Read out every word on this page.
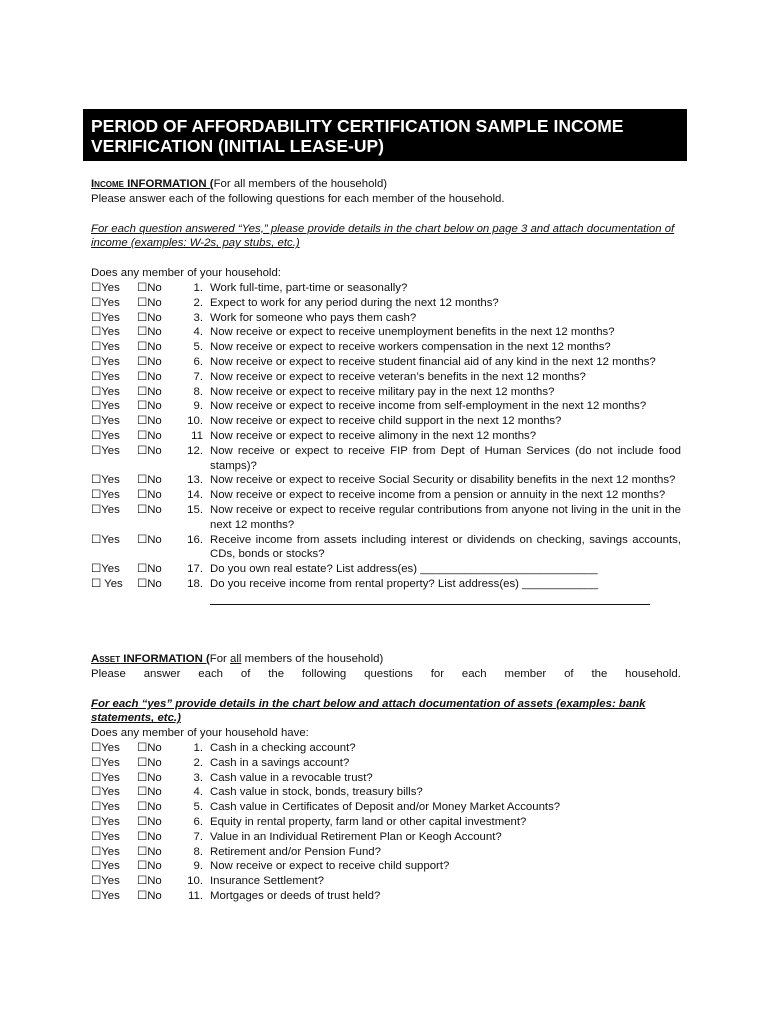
PERIOD OF AFFORDABILITY CERTIFICATION SAMPLE INCOME
VERIFICATION (INITIAL LEASE-UP)
Income INFORMATION (For all members of the household)
Please answer each of the following questions for each member of the household.
For each question answered “Yes,” please provide details in the chart below on page 3 and attach documentation of income (examples: W-2s, pay stubs, etc.)
Does any member of your household:
☐Yes	☐No	1. Work full-time, part-time or seasonally?
☐Yes	☐No	2. Expect to work for any period during the next 12 months?
☐Yes	☐No	3. Work for someone who pays them cash?
☐Yes	☐No	4. Now receive or expect to receive unemployment benefits in the next 12 months?
☐Yes	☐No	5. Now receive or expect to receive workers compensation in the next 12 months?
☐Yes	☐No	6. Now receive or expect to receive student financial aid of any kind in the next 12 months?
☐Yes	☐No	7. Now receive or expect to receive veteran’s benefits in the next 12 months?
☐Yes	☐No	8. Now receive or expect to receive military pay in the next 12 months?
☐Yes	☐No	9. Now receive or expect to receive income from self-employment in the next 12 months?
☐Yes	☐No	10. Now receive or expect to receive child support in the next 12 months?
☐Yes	☐No	11 Now receive or expect to receive alimony in the next 12 months?
☐Yes	☐No	12. Now receive or expect to receive FIP from Dept of Human Services (do not include food stamps)?
☐Yes	☐No	13. Now receive or expect to receive Social Security or disability benefits in the next 12 months?
☐Yes	☐No	14. Now receive or expect to receive income from a pension or annuity in the next 12 months?
☐Yes	☐No	15. Now receive or expect to receive regular contributions from anyone not living in the unit in the next 12 months?
☐Yes	☐No	16. Receive income from assets including interest or dividends on checking, savings accounts, CDs, bonds or stocks?
☐Yes	☐No	17. Do you own real estate? List address(es) ____________________________
☐ Yes	☐No	18. Do you receive income from rental property? List address(es) ____________
Asset INFORMATION (For all members of the household)
Please answer each of the following questions for each member of the household.
For each “yes” provide details in the chart below and attach documentation of assets (examples: bank statements, etc.)
Does any member of your household have:
☐Yes	☐No	1. Cash in a checking account?
☐Yes	☐No	2. Cash in a savings account?
☐Yes	☐No	3. Cash value in a revocable trust?
☐Yes	☐No	4. Cash value in stock, bonds, treasury bills?
☐Yes	☐No	5. Cash value in Certificates of Deposit and/or Money Market Accounts?
☐Yes	☐No	6. Equity in rental property, farm land or other capital investment?
☐Yes	☐No	7. Value in an Individual Retirement Plan or Keogh Account?
☐Yes	☐No	8. Retirement and/or Pension Fund?
☐Yes	☐No	9. Now receive or expect to receive child support?
☐Yes	☐No	10. Insurance Settlement?
☐Yes	☐No	11. Mortgages or deeds of trust held?
